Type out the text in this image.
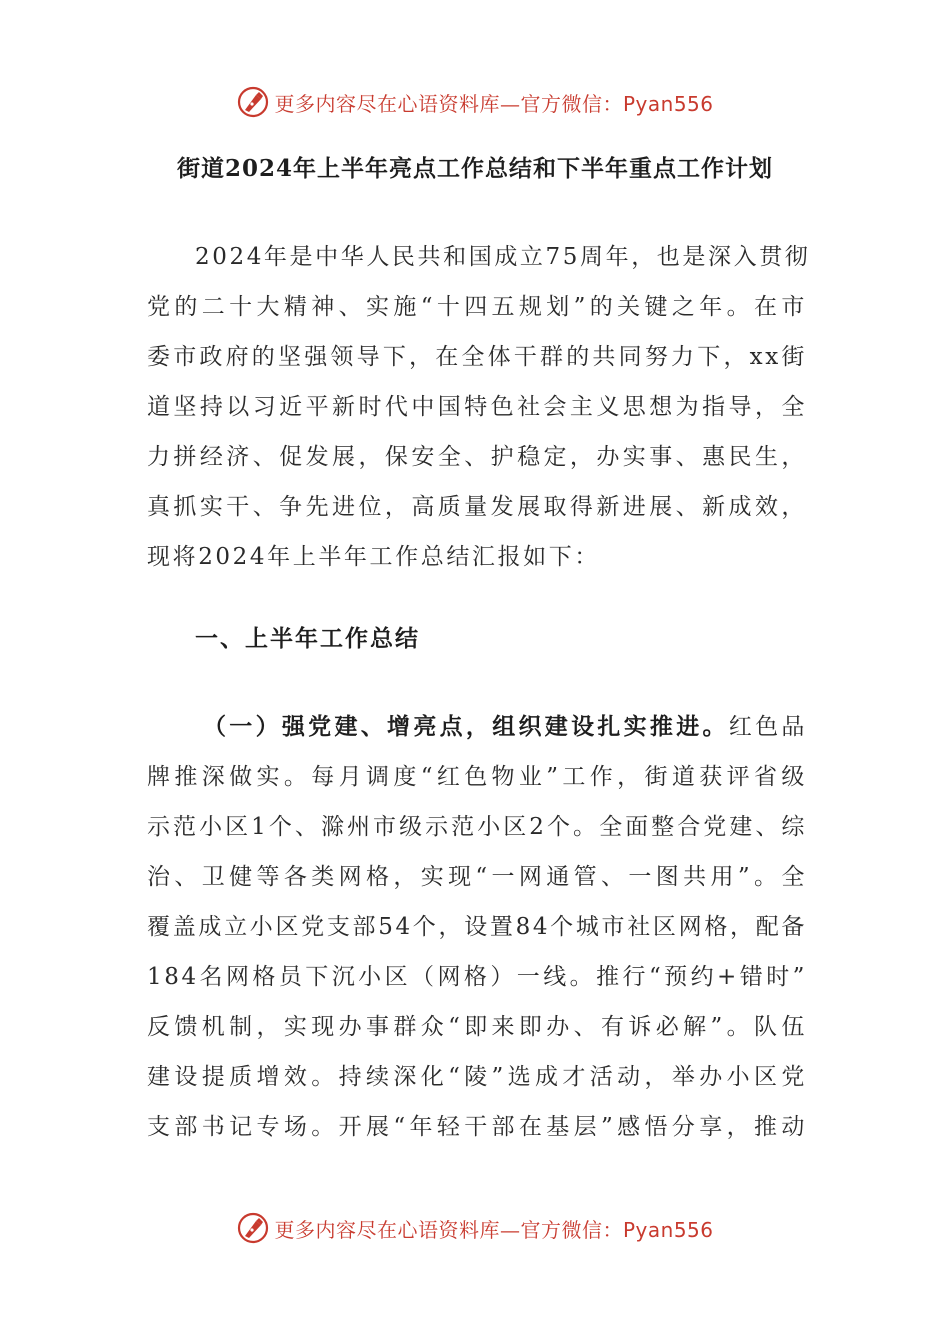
更多内容尽在心语资料库—官方微信：Pyan556
街道2024年上半年亮点工作总结和下半年重点工作计划
2024年是中华人民共和国成立75周年，也是深入贯彻
党的二十大精神、实施“十四五规划”的关键之年。在市
委市政府的坚强领导下，在全体干群的共同努力下，xx街
道坚持以习近平新时代中国特色社会主义思想为指导，全
力拼经济、促发展，保安全、护稳定，办实事、惠民生，
真抓实干、争先进位，高质量发展取得新进展、新成效，
现将2024年上半年工作总结汇报如下：
一、上半年工作总结
（一）强党建、增亮点，组织建设扎实推进。红色品
牌推深做实。每月调度“红色物业”工作，街道获评省级
示范小区1个、滁州市级示范小区2个。全面整合党建、综
治、卫健等各类网格，实现“一网通管、一图共用”。全
覆盖成立小区党支部54个，设置84个城市社区网格，配备
184名网格员下沉小区（网格）一线。推行“预约+错时”
反馈机制，实现办事群众“即来即办、有诉必解”。队伍
建设提质增效。持续深化“陵”选成才活动，举办小区党
支部书记专场。开展“年轻干部在基层”感悟分享，推动
更多内容尽在心语资料库—官方微信：Pyan556
